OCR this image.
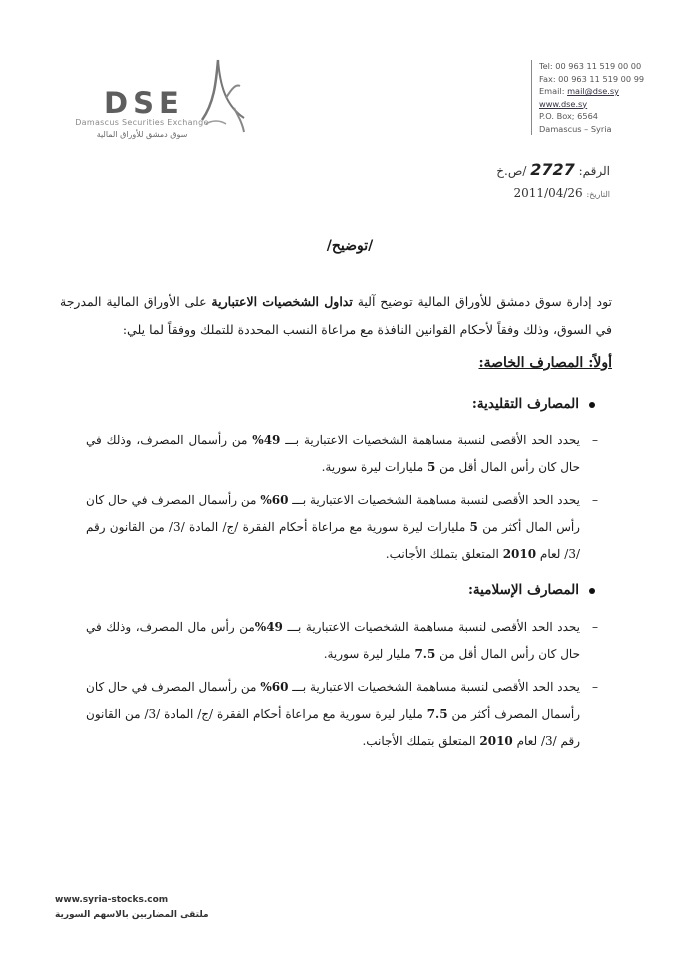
DSE
Damascus Securities Exchange
سوق دمشق للأوراق المالية
Tel: 00 963 11 519 00 00
Fax: 00 963 11 519 00 99
Email: mail@dse.sy
www.dse.sy
P.O. Box; 6564
Damascus – Syria
الرقم: 2727 /ص.خ
التاريخ: 2011/04/26
/توضيح/
تود إدارة سوق دمشق للأوراق المالية توضيح آلية تداول الشخصيات الاعتبارية على الأوراق المالية المدرجة في السوق، وذلك وفقاً لأحكام القوانين النافذة مع مراعاة النسب المحددة للتملك ووفقاً لما يلي:
أولاً: المصارف الخاصة:
المصارف التقليدية:
–
يحدد الحد الأقصى لنسبة مساهمة الشخصيات الاعتبارية بـــ 49% من رأسمال المصرف، وذلك في حال كان رأس المال أقل من 5 مليارات ليرة سورية.
–
يحدد الحد الأقصى لنسبة مساهمة الشخصيات الاعتبارية بـــ 60% من رأسمال المصرف في حال كان رأس المال أكثر من 5 مليارات ليرة سورية مع مراعاة أحكام الفقرة /ج/ المادة /3/ من القانون رقم /3/ لعام 2010 المتعلق بتملك الأجانب.
المصارف الإسلامية:
–
يحدد الحد الأقصى لنسبة مساهمة الشخصيات الاعتبارية بـــ 49%من رأس مال المصرف، وذلك في حال كان رأس المال أقل من 7.5 مليار ليرة سورية.
–
يحدد الحد الأقصى لنسبة مساهمة الشخصيات الاعتبارية بـــ 60% من رأسمال المصرف في حال كان رأسمال المصرف أكثر من 7.5 مليار ليرة سورية مع مراعاة أحكام الفقرة /ج/ المادة /3/ من القانون رقم /3/ لعام 2010 المتعلق بتملك الأجانب.
www.syria-stocks.com
ملتقى المضاربين بالاسهم السورية
